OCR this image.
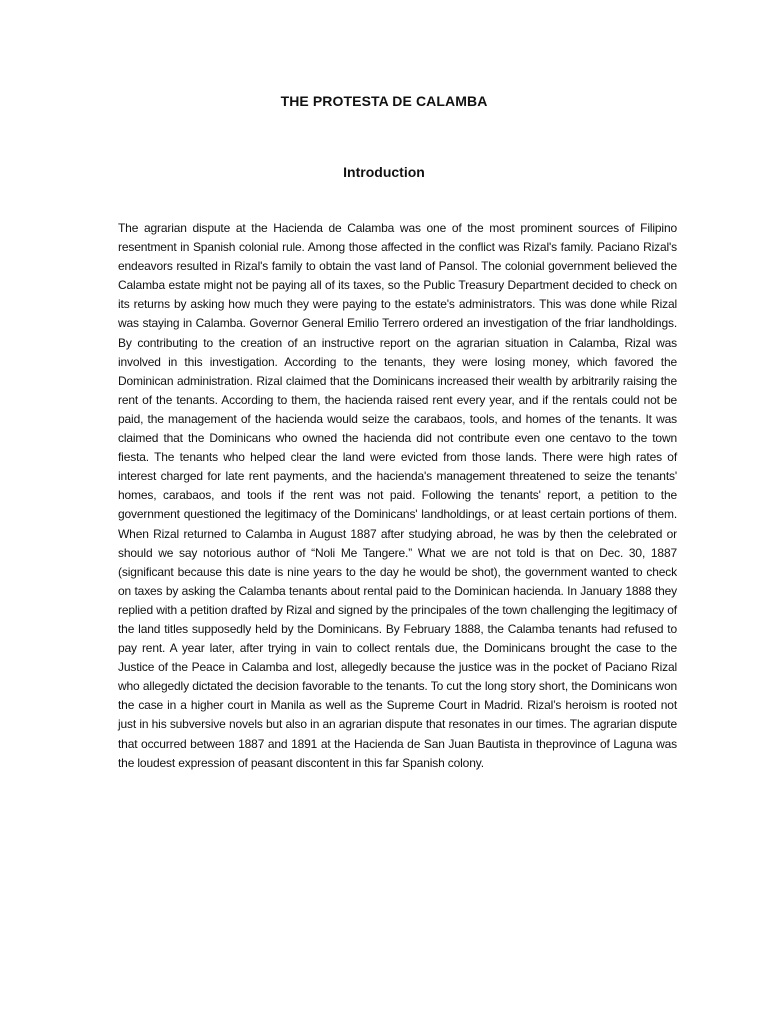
THE PROTESTA DE CALAMBA
Introduction

The agrarian dispute at the Hacienda de Calamba was one of the most prominent sources of Filipino resentment in Spanish colonial rule. Among those affected in the conflict was Rizal's family. Paciano Rizal's endeavors resulted in Rizal's family to obtain the vast land of Pansol. The colonial government believed the Calamba estate might not be paying all of its taxes, so the Public Treasury Department decided to check on its returns by asking how much they were paying to the estate's administrators. This was done while Rizal was staying in Calamba. Governor General Emilio Terrero ordered an investigation of the friar landholdings. By contributing to the creation of an instructive report on the agrarian situation in Calamba, Rizal was involved in this investigation. According to the tenants, they were losing money, which favored the Dominican administration. Rizal claimed that the Dominicans increased their wealth by arbitrarily raising the rent of the tenants. According to them, the hacienda raised rent every year, and if the rentals could not be paid, the management of the hacienda would seize the carabaos, tools, and homes of the tenants. It was claimed that the Dominicans who owned the hacienda did not contribute even one centavo to the town fiesta. The tenants who helped clear the land were evicted from those lands. There were high rates of interest charged for late rent payments, and the hacienda's management threatened to seize the tenants' homes, carabaos, and tools if the rent was not paid. Following the tenants' report, a petition to the government questioned the legitimacy of the Dominicans' landholdings, or at least certain portions of them. When Rizal returned to Calamba in August 1887 after studying abroad, he was by then the celebrated or should we say notorious author of “Noli Me Tangere.” What we are not told is that on Dec. 30, 1887 (significant because this date is nine years to the day he would be shot), the government wanted to check on taxes by asking the Calamba tenants about rental paid to the Dominican hacienda. In January 1888 they replied with a petition drafted by Rizal and signed by the principales of the town challenging the legitimacy of the land titles supposedly held by the Dominicans. By February 1888, the Calamba tenants had refused to pay rent. A year later, after trying in vain to collect rentals due, the Dominicans brought the case to the Justice of the Peace in Calamba and lost, allegedly because the justice was in the pocket of Paciano Rizal who allegedly dictated the decision favorable to the tenants. To cut the long story short, the Dominicans won the case in a higher court in Manila as well as the Supreme Court in Madrid. Rizal’s heroism is rooted not just in his subversive novels but also in an agrarian dispute that resonates in our times. The agrarian dispute that occurred between 1887 and 1891 at the Hacienda de San Juan Bautista in theprovince of Laguna was the loudest expression of peasant discontent in this far Spanish colony.
